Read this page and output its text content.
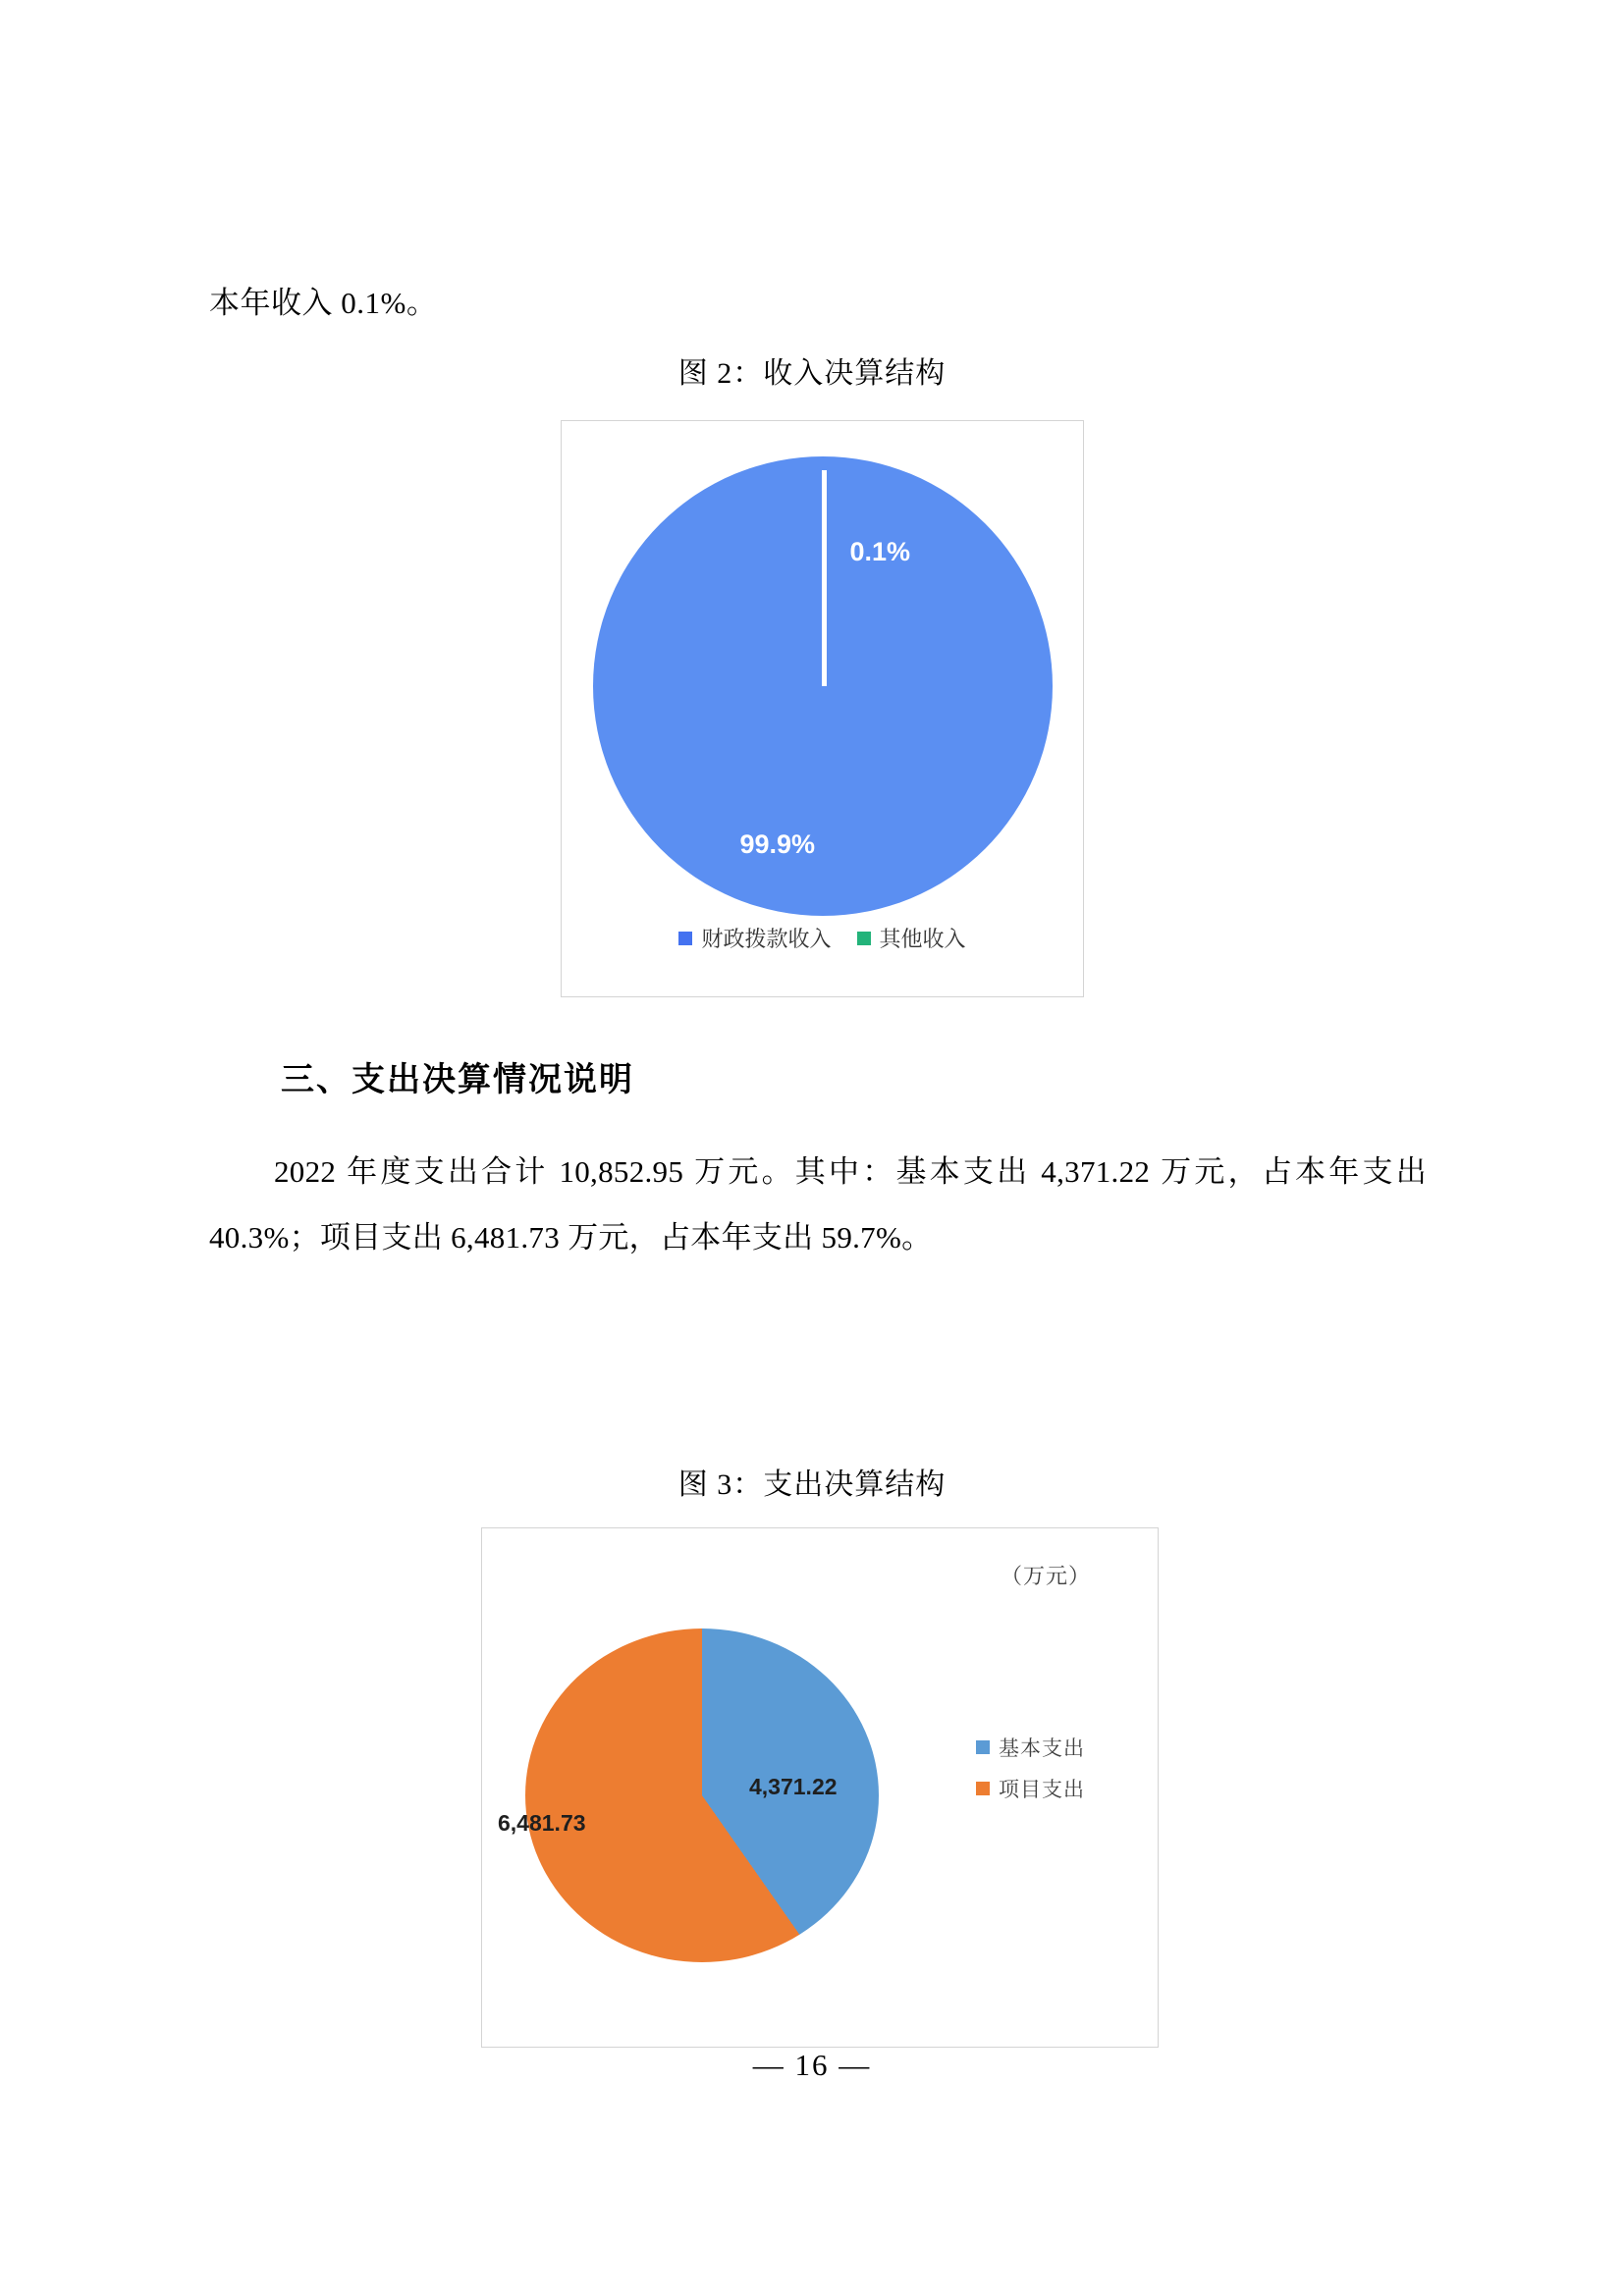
本年收入 0.1%。
图 2：收入决算结构
0.1%
99.9%
财政拨款收入 其他收入
三、支出决算情况说明
2022 年度支出合计 10,852.95 万元。其中：基本支出 4,371.22 万元，占本年支出 40.3%；项目支出 6,481.73 万元，占本年支出 59.7%。
图 3：支出决算结构
（万元）
4,371.22
6,481.73
基本支出
项目支出
— 16 —
